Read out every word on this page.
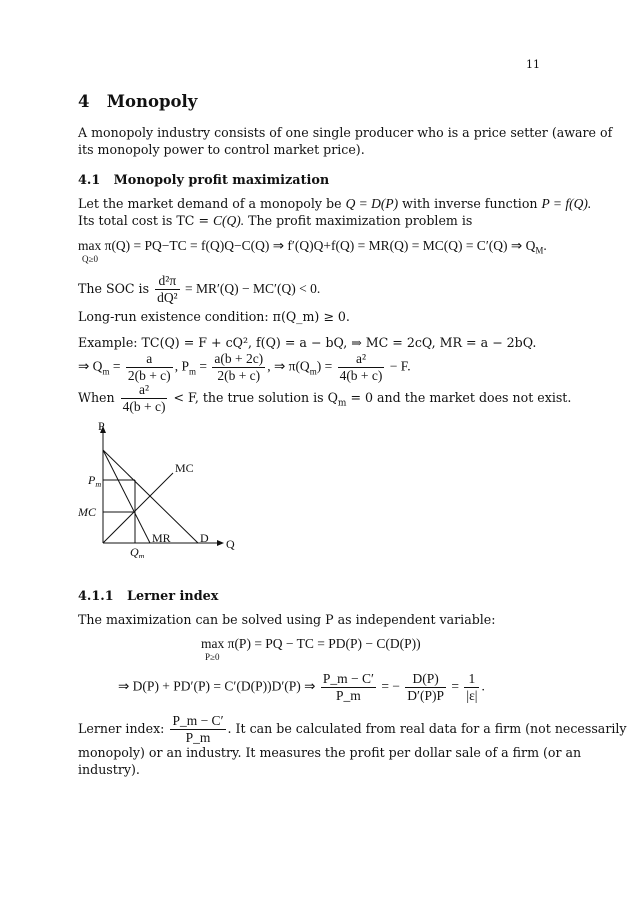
11
4 Monopoly
A monopoly industry consists of one single producer who is a price setter (aware of
its monopoly power to control market price).
4.1 Monopoly profit maximization
Let the market demand of a monopoly be Q = D(P) with inverse function P = f(Q).
Its total cost is TC = C(Q). The profit maximization problem is
max π(Q) = PQ−TC = f(Q)Q−C(Q) ⇒ f′(Q)Q+f(Q) = MR(Q) = MC(Q) = C′(Q) ⇒ $Q_M$.
Q≥0
The SOC is $\frac{\text{d²π}}{\text{dQ²}} = MR'(Q) - MC'(Q) < 0$.
Long-run existence condition: π(Q_m) ≥ 0.
Example: TC(Q) = F + cQ², f(Q) = a − bQ, ⇒ MC = 2cQ, MR = a − 2bQ.
⇒ $Q_m = \frac{a}{2(b + c)}$ , $P_m = \frac{a(b + 2c)}{2(b + c)}$ , ⇒ $\pi(Q_m) = \frac{\text{a²}}{4(b + c)} - F$.
When $\frac{\text{a²}}{4(b + c)} < F$, the true solution is $Q_m = 0$ and the market does not exist.
P
Q
MC
$P_m$
MC
MR D
$Q_m$
4.1.1 Lerner index
The maximization can be solved using P as independent variable:
max π(P) = PQ − TC = PD(P) − C(D(P))
P≥0
⇒ D(P) + PD′(P) = C′(D(P))D′(P) ⇒ $\frac{P\_m - C'}{P\_m}$ = − $\frac{D(P)}{D'(P)P} = \frac{1}{|\varepsilon|}$ .
Lerner index: $\frac{P\_m - C'}{P\_m}$ . It can be calculated from real data for a firm (not necessarily
monopoly) or an industry. It measures the profit per dollar sale of a firm (or an
industry).
